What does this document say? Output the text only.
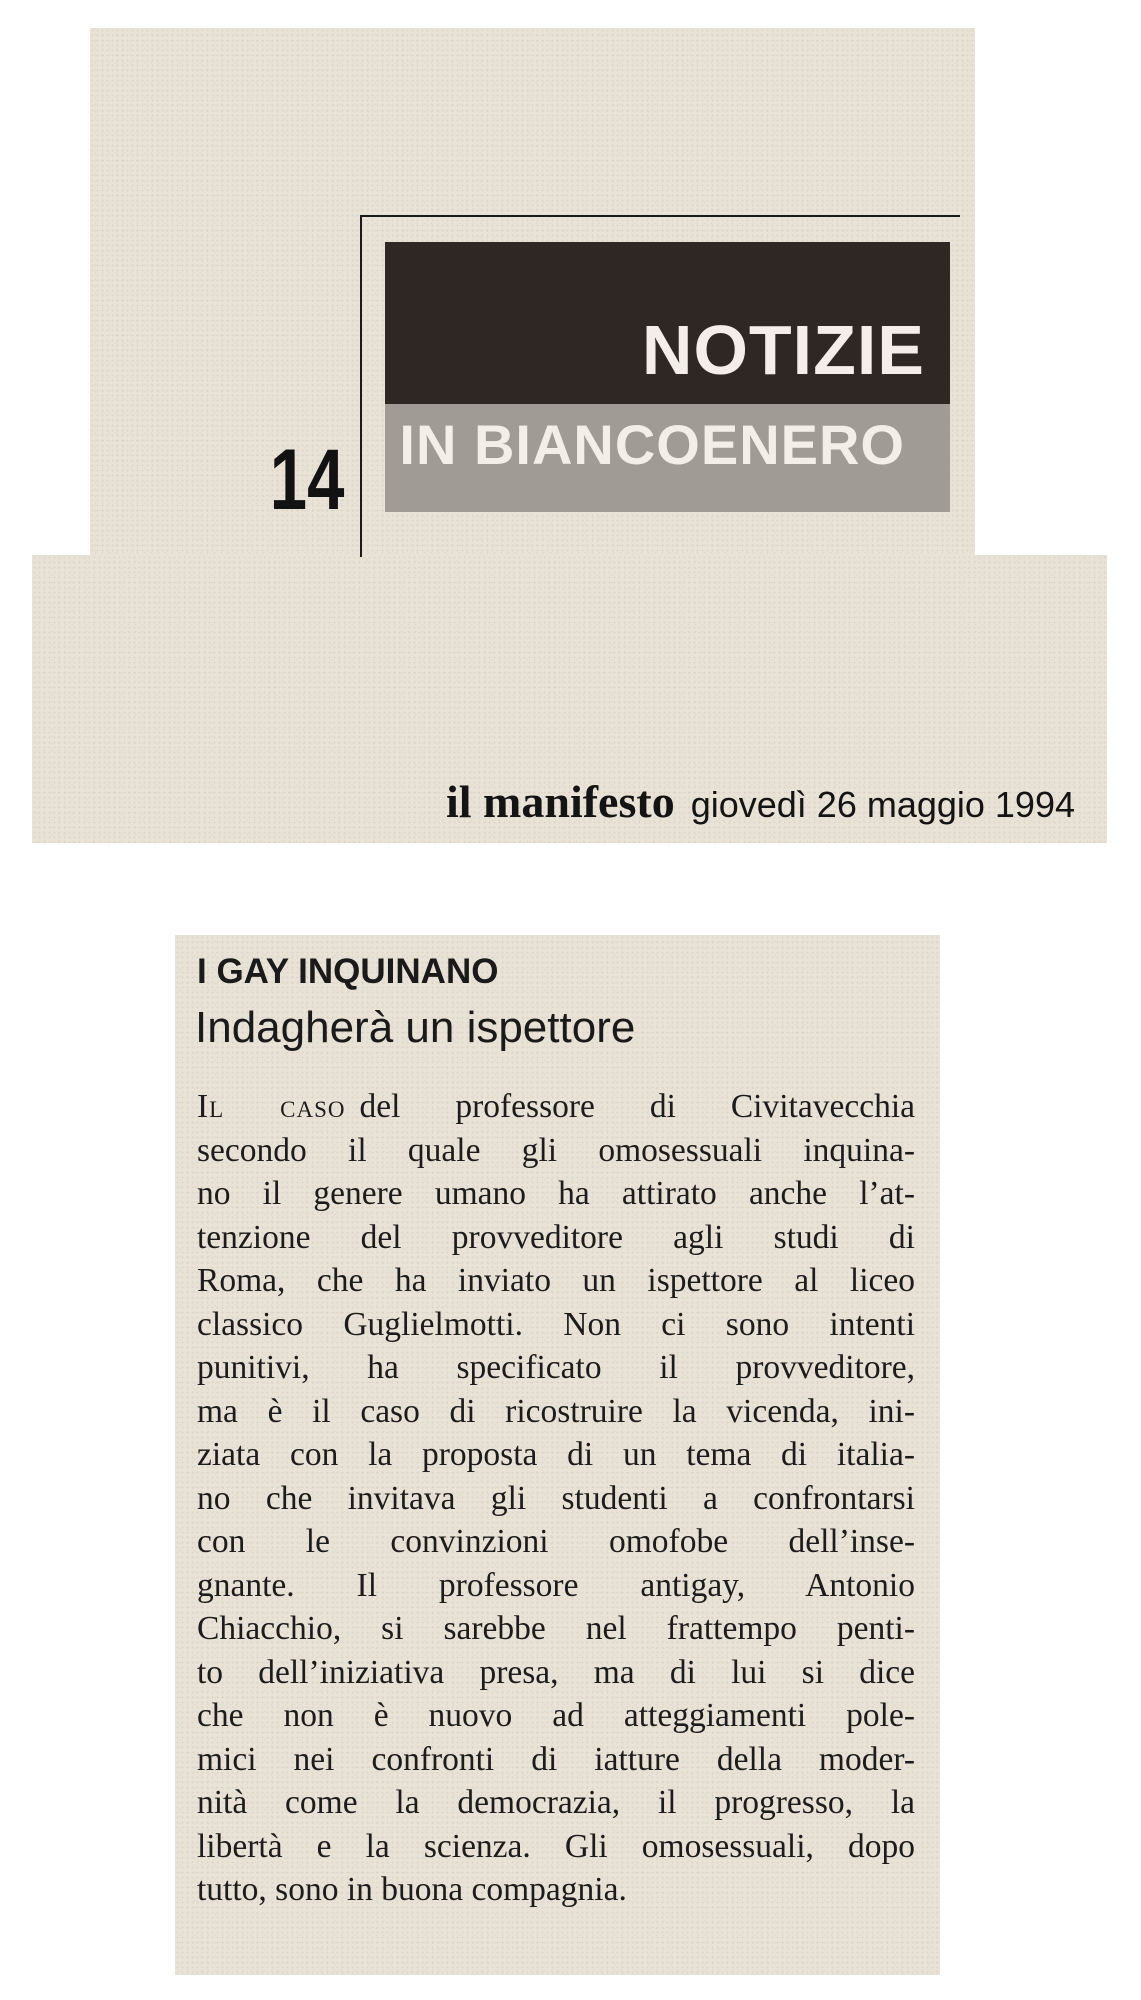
NOTIZIE
IN BIANCOENERO
14
il manifesto giovedì 26 maggio 1994
I GAY INQUINANO
Indagherà un ispettore
Il caso del professore di Civitavecchia
secondo il quale gli omosessuali inquina-
no il genere umano ha attirato anche l’at-
tenzione del provveditore agli studi di
Roma, che ha inviato un ispettore al liceo
classico Guglielmotti. Non ci sono intenti
punitivi, ha specificato il provveditore,
ma è il caso di ricostruire la vicenda, ini-
ziata con la proposta di un tema di italia-
no che invitava gli studenti a confrontarsi
con le convinzioni omofobe dell’inse-
gnante. Il professore antigay, Antonio
Chiacchio, si sarebbe nel frattempo penti-
to dell’iniziativa presa, ma di lui si dice
che non è nuovo ad atteggiamenti pole-
mici nei confronti di iatture della moder-
nità come la democrazia, il progresso, la
libertà e la scienza. Gli omosessuali, dopo
tutto, sono in buona compagnia.
